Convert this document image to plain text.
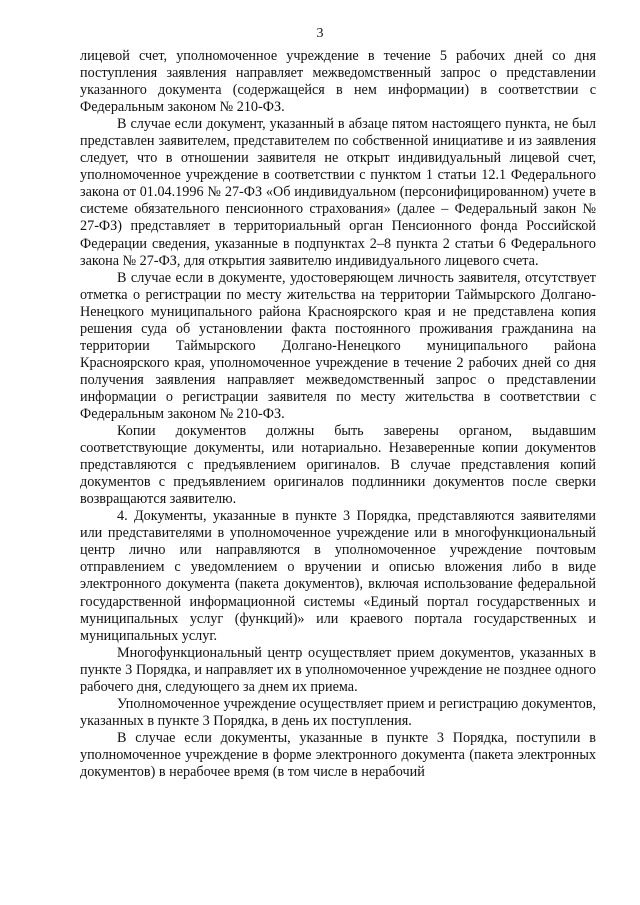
3

лицевой счет, уполномоченное учреждение в течение 5 рабочих дней со дня поступления заявления направляет межведомственный запрос о представлении указанного документа (содержащейся в нем информации) в соответствии с Федеральным законом № 210-ФЗ.

В случае если документ, указанный в абзаце пятом настоящего пункта, не был представлен заявителем, представителем по собственной инициативе и из заявления следует, что в отношении заявителя не открыт индивидуальный лицевой счет, уполномоченное учреждение в соответствии с пунктом 1 статьи 12.1 Федерального закона от 01.04.1996 № 27-ФЗ «Об индивидуальном (персонифицированном) учете в системе обязательного пенсионного страхования» (далее – Федеральный закон № 27-ФЗ) представляет в территориальный орган Пенсионного фонда Российской Федерации сведения, указанные в подпунктах 2–8 пункта 2 статьи 6 Федерального закона № 27-ФЗ, для открытия заявителю индивидуального лицевого счета.

В случае если в документе, удостоверяющем личность заявителя, отсутствует отметка о регистрации по месту жительства на территории Таймырского Долгано-Ненецкого муниципального района Красноярского края и не представлена копия решения суда об установлении факта постоянного проживания гражданина на территории Таймырского Долгано-Ненецкого муниципального района Красноярского края, уполномоченное учреждение в течение 2 рабочих дней со дня получения заявления направляет межведомственный запрос о представлении информации о регистрации заявителя по месту жительства в соответствии с Федеральным законом № 210-ФЗ.

Копии документов должны быть заверены органом, выдавшим соответствующие документы, или нотариально. Незаверенные копии документов представляются с предъявлением оригиналов. В случае представления копий документов с предъявлением оригиналов подлинники документов после сверки возвращаются заявителю.

4. Документы, указанные в пункте 3 Порядка, представляются заявителями или представителями в уполномоченное учреждение или в многофункциональный центр лично или направляются в уполномоченное учреждение почтовым отправлением с уведомлением о вручении и описью вложения либо в виде электронного документа (пакета документов), включая использование федеральной государственной информационной системы «Единый портал государственных и муниципальных услуг (функций)» или краевого портала государственных и муниципальных услуг.

Многофункциональный центр осуществляет прием документов, указанных в пункте 3 Порядка, и направляет их в уполномоченное учреждение не позднее одного рабочего дня, следующего за днем их приема.

Уполномоченное учреждение осуществляет прием и регистрацию документов, указанных в пункте 3 Порядка, в день их поступления.

В случае если документы, указанные в пункте 3 Порядка, поступили в уполномоченное учреждение в форме электронного документа (пакета электронных документов) в нерабочее время (в том числе в нерабочий
